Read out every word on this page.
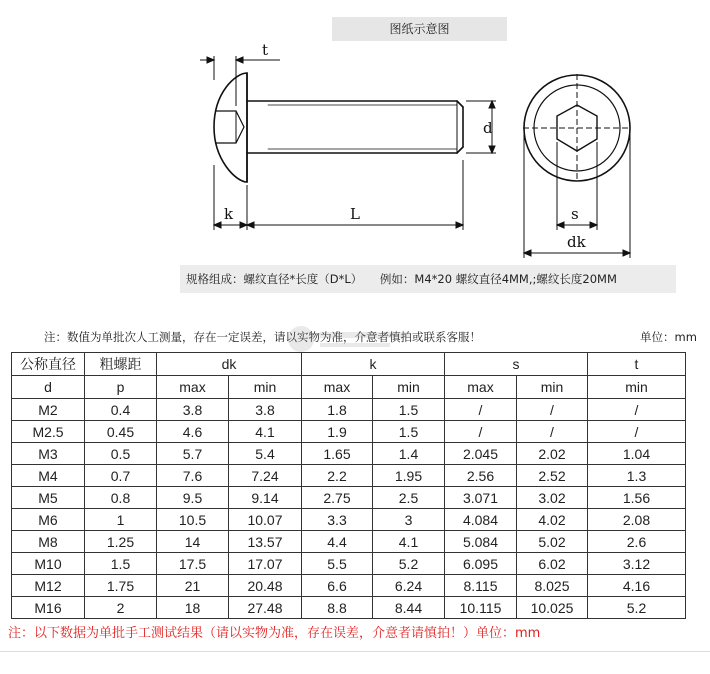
图纸示意图
t
k	L
d
s
dk
规格组成：螺纹直径*长度（D*L） 例如：M4*20 螺纹直径4MM,;螺纹长度20MM
注：数值为单批次人工测量，存在一定误差，请以实物为准，介意者慎拍或联系客服！	单位：mm
公称直径	粗螺距	dk		k		s		t
d	p	max	min	max	min	max	min	min
M2	0.4	3.8	3.8	1.8	1.5	/	/	/
M2.5	0.45	4.6	4.1	1.9	1.5	/	/	/
M3	0.5	5.7	5.4	1.65	1.4	2.045	2.02	1.04
M4	0.7	7.6	7.24	2.2	1.95	2.56	2.52	1.3
M5	0.8	9.5	9.14	2.75	2.5	3.071	3.02	1.56
M6	1	10.5	10.07	3.3	3	4.084	4.02	2.08
M8	1.25	14	13.57	4.4	4.1	5.084	5.02	2.6
M10	1.5	17.5	17.07	5.5	5.2	6.095	6.02	3.12
M12	1.75	21	20.48	6.6	6.24	8.115	8.025	4.16
M16	2	18	27.48	8.8	8.44	10.115	10.025	5.2
注：以下数据为单批手工测试结果（请以实物为准，存在误差，介意者请慎拍！）单位：mm
